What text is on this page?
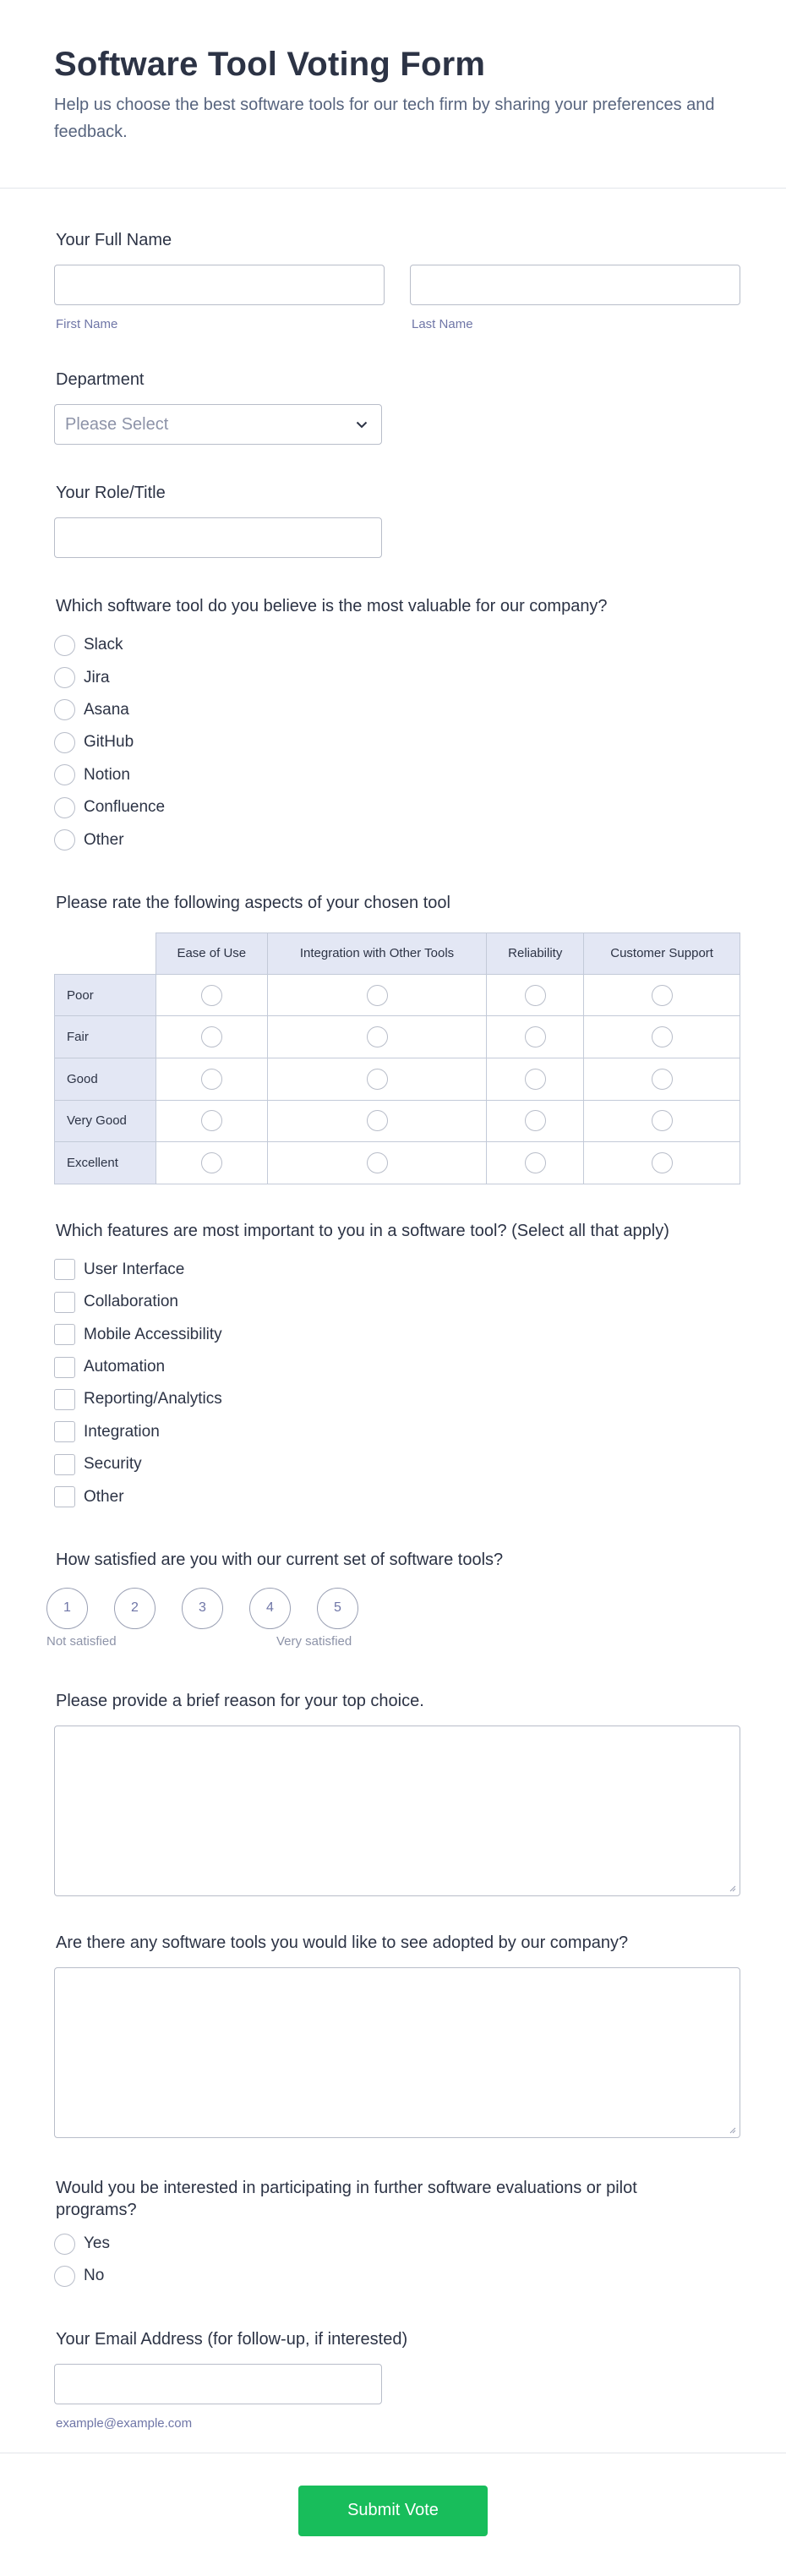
Software Tool Voting Form

Help us choose the best software tools for our tech firm by sharing your preferences and feedback.

Your Full Name
First Name	Last Name
Department
Please Select
Your Role/Title
Which software tool do you believe is the most valuable for our company?
Slack
Jira
Asana
GitHub
Notion
Confluence
Other
Please rate the following aspects of your chosen tool
	Ease of Use	Integration with Other Tools	Reliability	Customer Support
Poor				
Fair				
Good				
Very Good				
Excellent				
Which features are most important to you in a software tool? (Select all that apply)
User Interface
Collaboration
Mobile Accessibility
Automation
Reporting/Analytics
Integration
Security
Other
How satisfied are you with our current set of software tools?
1	2	3	4	5
Not satisfied	Very satisfied
Please provide a brief reason for your top choice.
Are there any software tools you would like to see adopted by our company?
Would you be interested in participating in further software evaluations or pilot programs?
Yes
No
Your Email Address (for follow-up, if interested)
example@example.com
Submit Vote
